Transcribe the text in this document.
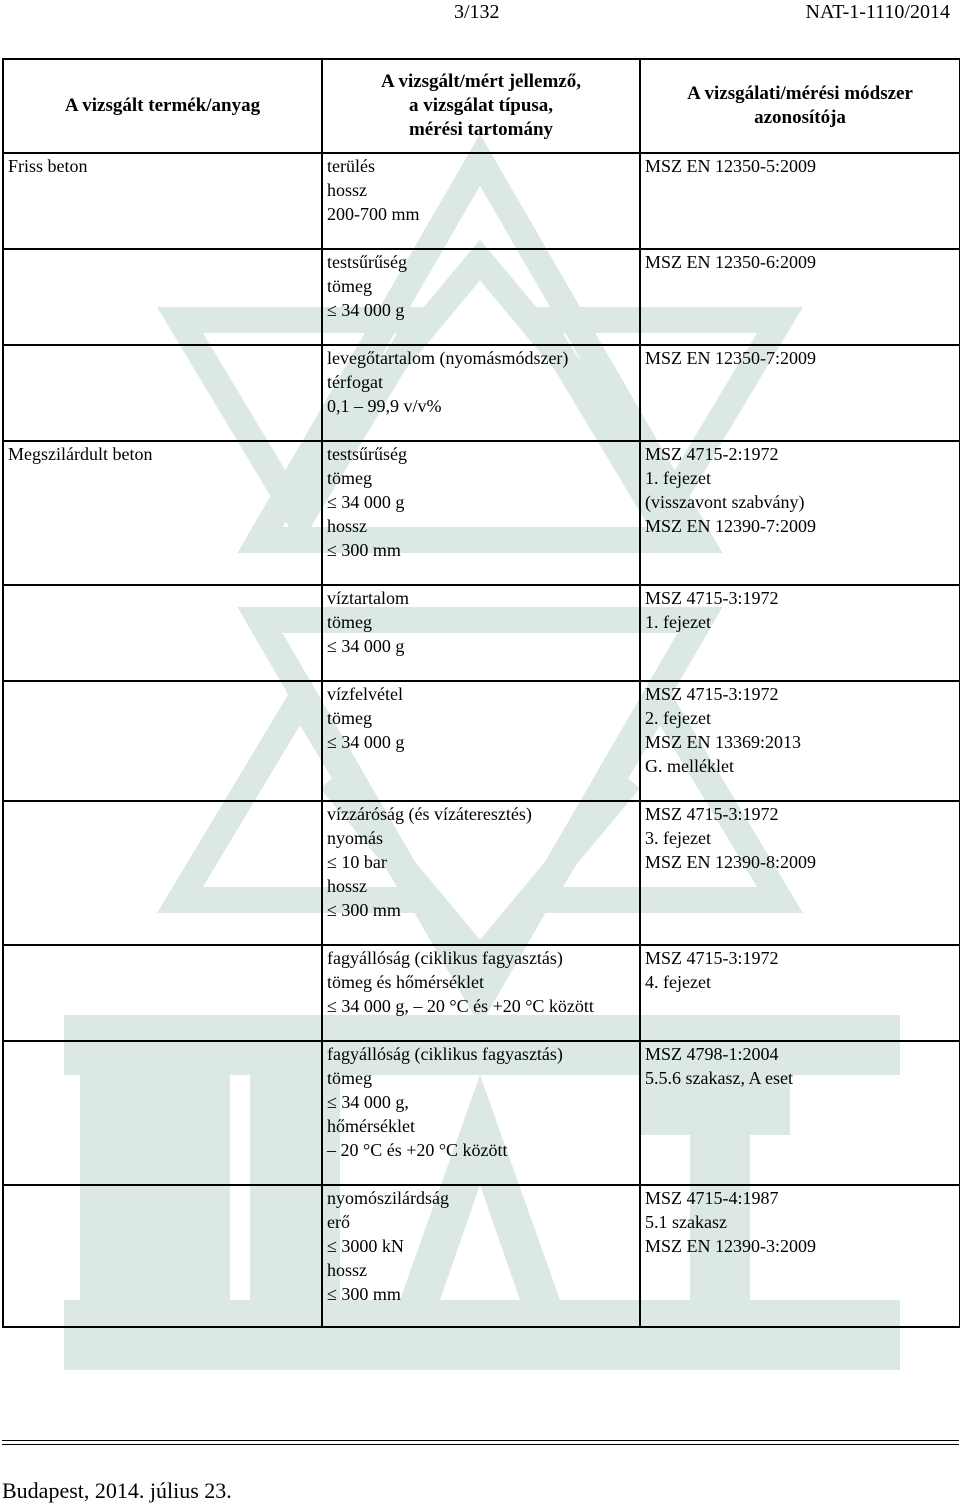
3/132	NAT-1-1110/2014
A vizsgált termék/anyag	A vizsgált/mért jellemző,
a vizsgálat típusa,
mérési tartomány	A vizsgálati/mérési módszer
azonosítója

Friss beton	terülés
hossz
200-700 mm	MSZ EN 12350-5:2009

	testsűrűség
tömeg
≤ 34 000 g	MSZ EN 12350-6:2009

	levegőtartalom (nyomásmódszer)
térfogat
0,1 – 99,9 v/v%	MSZ EN 12350-7:2009

Megszilárdult beton	testsűrűség
tömeg
≤ 34 000 g
hossz
≤ 300 mm	MSZ 4715-2:1972
1. fejezet
(visszavont szabvány)
MSZ EN 12390-7:2009

	víztartalom
tömeg
≤ 34 000 g	MSZ 4715-3:1972
1. fejezet

	vízfelvétel
tömeg
≤ 34 000 g	MSZ 4715-3:1972
2. fejezet
MSZ EN 13369:2013
G. melléklet

	vízzáróság (és vízáteresztés)
nyomás
≤ 10 bar
hossz
≤ 300 mm	MSZ 4715-3:1972
3. fejezet
MSZ EN 12390-8:2009

	fagyállóság (ciklikus fagyasztás)
tömeg és hőmérséklet
≤ 34 000 g, – 20 °C és +20 °C között	MSZ 4715-3:1972
4. fejezet

	fagyállóság (ciklikus fagyasztás)
tömeg
≤ 34 000 g,
hőmérséklet
– 20 °C és +20 °C között	MSZ 4798-1:2004
5.5.6 szakasz, A eset

	nyomószilárdság
erő
≤ 3000 kN
hossz
≤ 300 mm	MSZ 4715-4:1987
5.1 szakasz
MSZ EN 12390-3:2009
Budapest, 2014. július 23.
